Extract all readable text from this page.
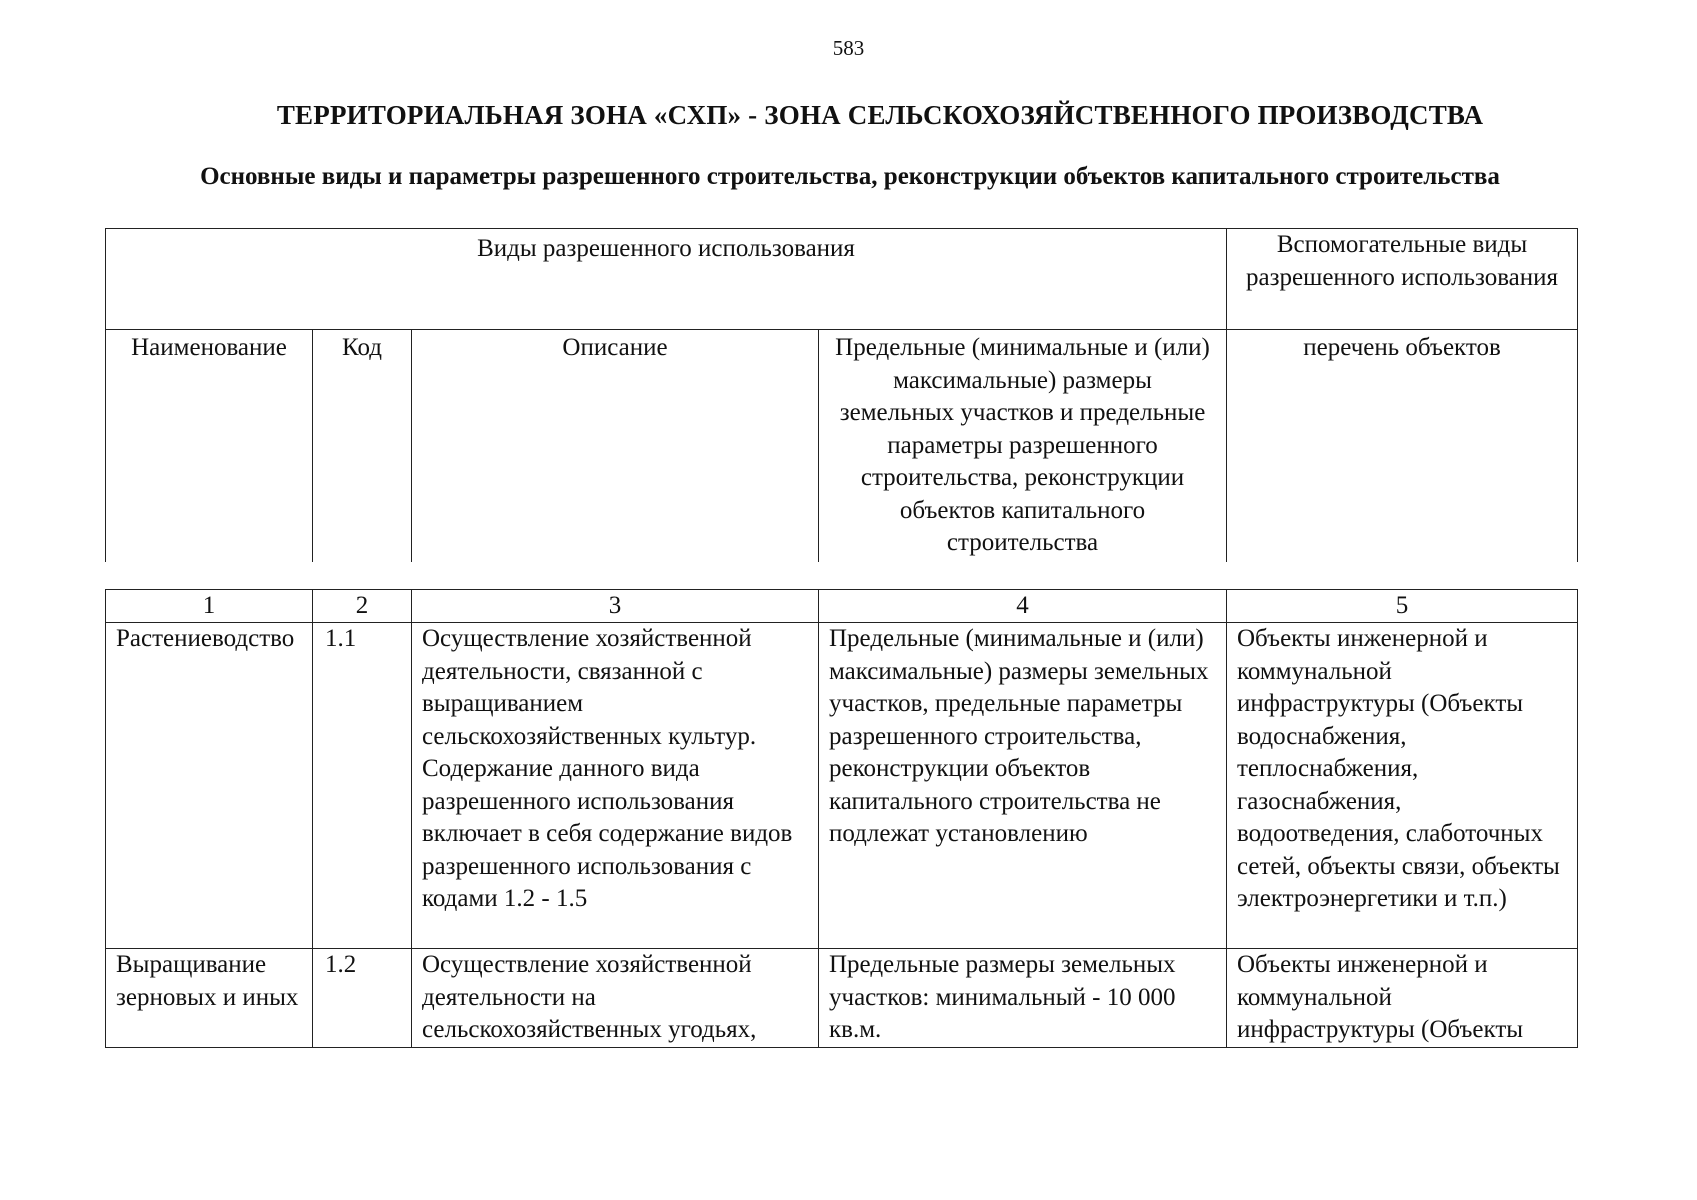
583
ТЕРРИТОРИАЛЬНАЯ ЗОНА «СХП» - ЗОНА СЕЛЬСКОХОЗЯЙСТВЕННОГО ПРОИЗВОДСТВА
Основные виды и параметры разрешенного строительства, реконструкции объектов капитального строительства
Виды разрешенного использования				Вспомогательные виды разрешенного использования
Наименование	Код	Описание	Предельные (минимальные и (или) максимальные) размеры земельных участков и предельные параметры разрешенного строительства, реконструкции объектов капитального строительства	перечень объектов
1	2	3	4	5
Растениеводство	1.1	Осуществление хозяйственной деятельности, связанной с выращиванием сельскохозяйственных культур. Содержание данного вида разрешенного использования включает в себя содержание видов разрешенного использования с кодами 1.2 - 1.5	Предельные (минимальные и (или) максимальные) размеры земельных участков, предельные параметры разрешенного строительства, реконструкции объектов капитального строительства не подлежат установлению	Объекты инженерной и коммунальной инфраструктуры (Объекты водоснабжения, теплоснабжения, газоснабжения, водоотведения, слаботочных сетей, объекты связи, объекты электроэнергетики и т.п.)
Выращивание зерновых и иных	1.2	Осуществление хозяйственной деятельности на сельскохозяйственных угодьях,	Предельные размеры земельных участков: минимальный - 10 000 кв.м.	Объекты инженерной и коммунальной инфраструктуры (Объекты
